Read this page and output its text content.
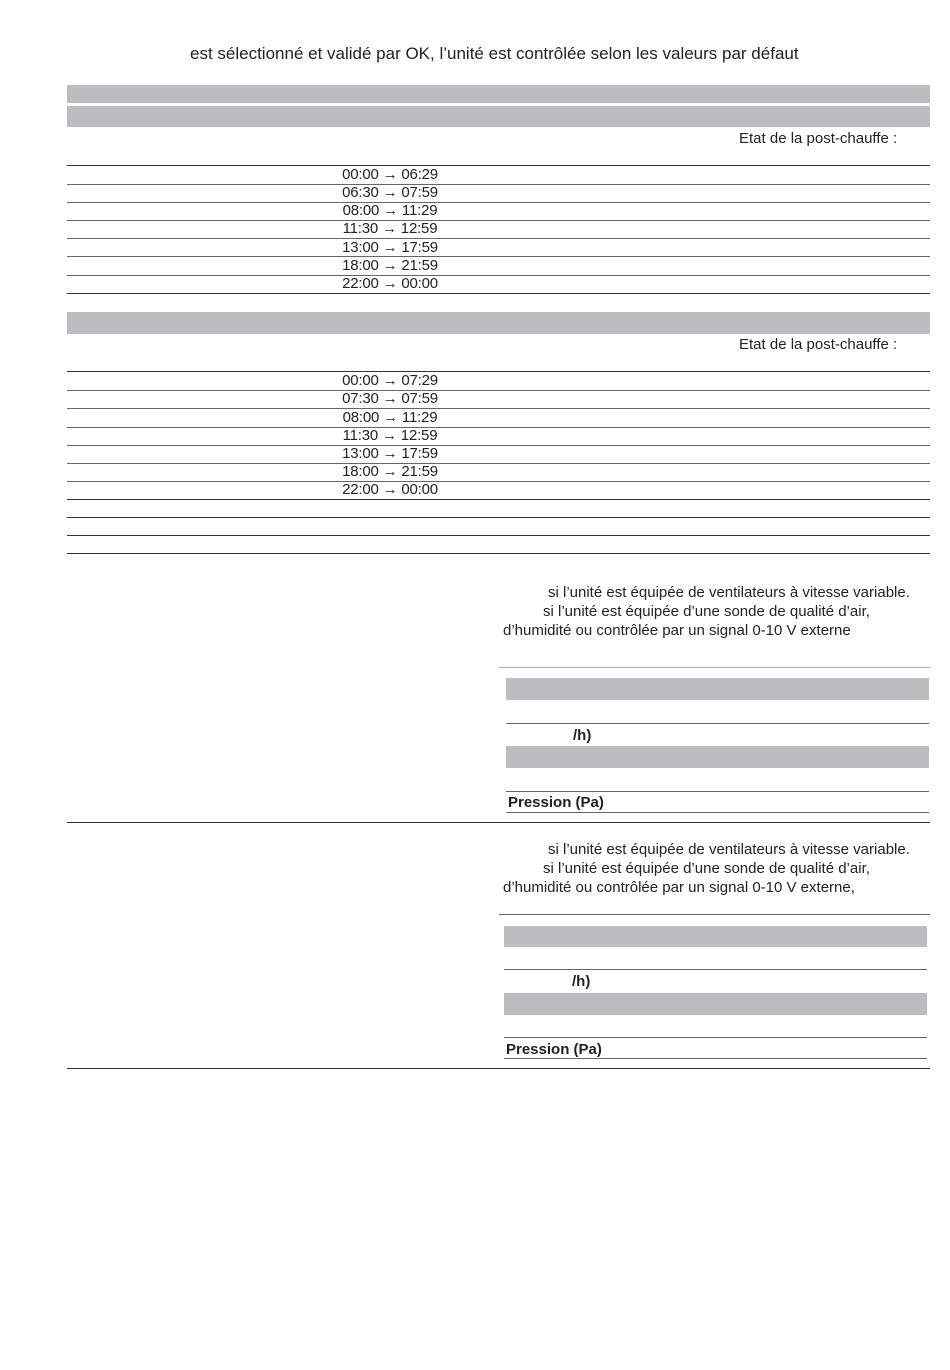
est sélectionné et validé par OK, l’unité est contrôlée selon les valeurs par défaut
Etat de la post-chauffe :
00:00 → 06:29
06:30 → 07:59
08:00 → 11:29
11:30 → 12:59
13:00 → 17:59
18:00 → 21:59
22:00 → 00:00
Etat de la post-chauffe :
00:00 → 07:29
07:30 → 07:59
08:00 → 11:29
11:30 → 12:59
13:00 → 17:59
18:00 → 21:59
22:00 → 00:00
si l’unité est équipée de ventilateurs à vitesse variable.
si l’unité est équipée d’une sonde de qualité d’air,
d’humidité ou contrôlée par un signal 0-10 V externe
/h)
Pression (Pa)
si l’unité est équipée de ventilateurs à vitesse variable.
si l’unité est équipée d’une sonde de qualité d’air,
d’humidité ou contrôlée par un signal 0-10 V externe,
/h)
Pression (Pa)
